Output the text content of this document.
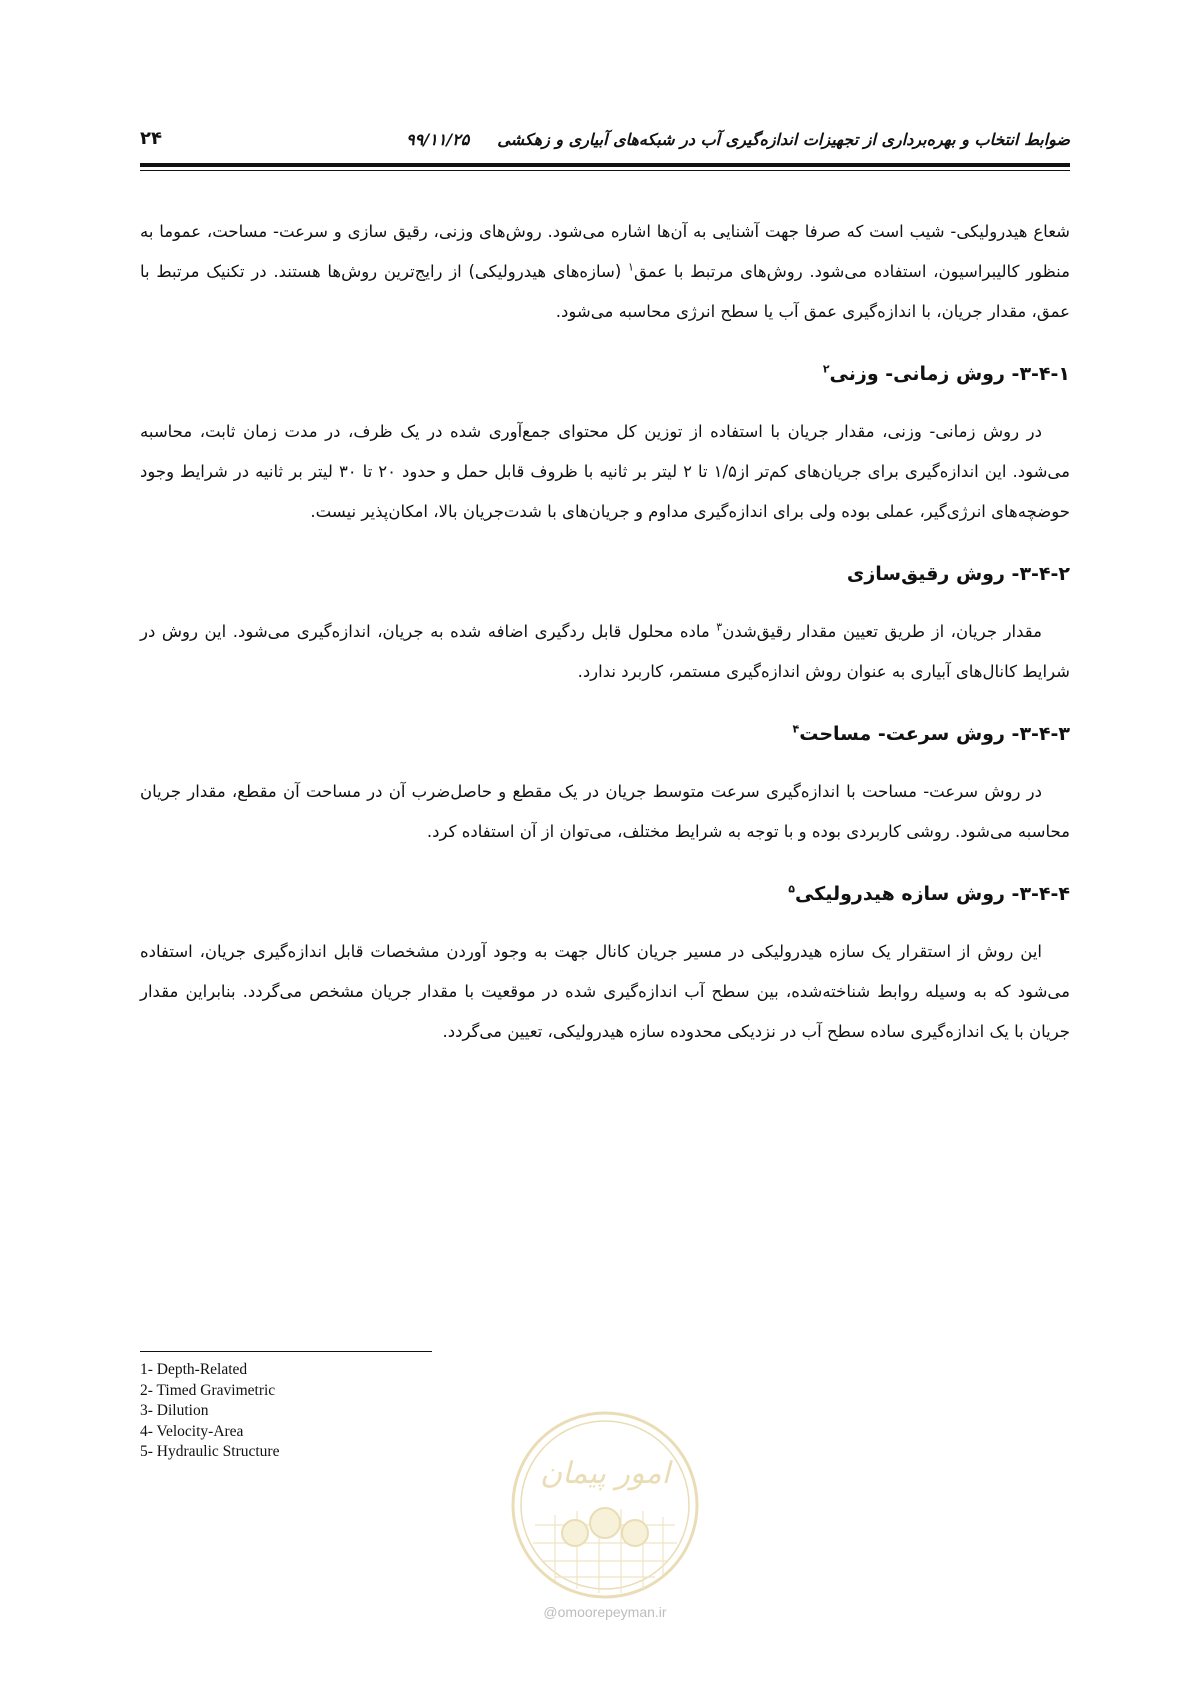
۲۴	ضوابط انتخاب و بهره‌برداری از تجهیزات اندازه‌گیری آب در شبکه‌های آبیاری و زهکشی     ۹۹/۱۱/۲۵

شعاع هیدرولیکی- شیب است که صرفا جهت آشنایی به آن‌ها اشاره می‌شود. روش‌های وزنی، رقیق سازی و سرعت- مساحت، عموما به منظور کالیبراسیون، استفاده می‌شود. روش‌های مرتبط با عمق$^۱$ (سازه‌های هیدرولیکی) از رایج‌ترین روش‌ها هستند. در تکنیک مرتبط با عمق، مقدار جریان، با اندازه‌گیری عمق آب یا سطح انرژی محاسبه می‌شود.

۳-۴-۱- روش زمانی- وزنی$^۲$

در روش زمانی- وزنی، مقدار جریان با استفاده از توزین کل محتوای جمع‌آوری شده در یک ظرف، در مدت زمان ثابت، محاسبه می‌شود. این اندازه‌گیری برای جریان‌های کم‌تر از۱/۵ تا ۲ لیتر بر ثانیه با ظروف قابل حمل و حدود ۲۰ تا ۳۰ لیتر بر ثانیه در شرایط وجود حوضچه‌های انرژی‌گیر، عملی بوده ولی برای اندازه‌گیری مداوم و جریان‌های با شدت‌جریان بالا، امکان‌پذیر نیست.

۳-۴-۲- روش رقیق‌سازی

مقدار جریان، از طریق تعیین مقدار رقیق‌شدن$^۳$ ماده محلول قابل ردگیری اضافه شده به جریان، اندازه‌گیری می‌شود. این روش در شرایط کانال‌های آبیاری به عنوان روش اندازه‌گیری مستمر، کاربرد ندارد.

۳-۴-۳- روش سرعت- مساحت$^۴$

در روش سرعت- مساحت با اندازه‌گیری سرعت متوسط جریان در یک مقطع و حاصل‌ضرب آن در مساحت آن مقطع، مقدار جریان محاسبه می‌شود. روشی کاربردی بوده و با توجه به شرایط مختلف، می‌توان از آن استفاده کرد.

۳-۴-۴- روش سازه هیدرولیکی$^۵$

این روش از استقرار یک سازه هیدرولیکی در مسیر جریان کانال جهت به وجود آوردن مشخصات قابل اندازه‌گیری جریان، استفاده می‌شود که به وسیله روابط شناخته‌شده، بین سطح آب اندازه‌گیری شده در موقعیت با مقدار جریان مشخص می‌گردد. بنابراین مقدار جریان با یک اندازه‌گیری ساده سطح آب در نزدیکی محدوده سازه هیدرولیکی، تعیین می‌گردد.

1- Depth-Related
2- Timed Gravimetric
3- Dilution
4- Velocity-Area
5- Hydraulic Structure
امور پیمان
@omoorepeyman.ir
